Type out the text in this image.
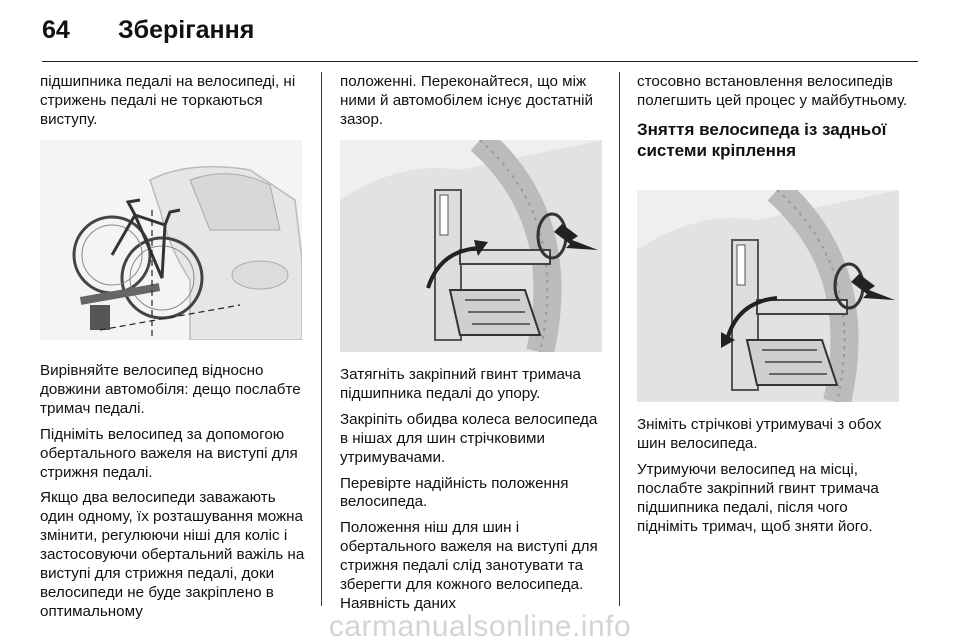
64 Зберігання

підшипника педалі на велосипеді, ні стрижень педалі не торкаються виступу.

Вирівняйте велосипед відносно довжини автомобіля: дещо послабте тримач педалі.

Підніміть велосипед за допомогою обертального важеля на виступі для стрижня педалі.

Якщо два велосипеди заважають один одному, їх розташування можна змінити, регулюючи ніші для коліс і застосовуючи обертальний важіль на виступі для стрижня педалі, доки велосипеди не буде закріплено в оптимальному

положенні. Переконайтеся, що між ними й автомобілем існує достатній зазор.

Затягніть закріпний гвинт тримача підшипника педалі до упору.

Закріпіть обидва колеса велосипеда в нішах для шин стрічковими утримувачами.

Перевірте надійність положення велосипеда.

Положення ніш для шин і обертального важеля на виступі для стрижня педалі слід занотувати та зберегти для кожного велосипеда. Наявність даних

стосовно встановлення велосипедів полегшить цей процес у майбутньому.

Зняття велосипеда із задньої системи кріплення

Зніміть стрічкові утримувачі з обох шин велосипеда.

Утримуючи велосипед на місці, послабте закріпний гвинт тримача підшипника педалі, після чого підніміть тримач, щоб зняти його.

carmanualsonline.info
